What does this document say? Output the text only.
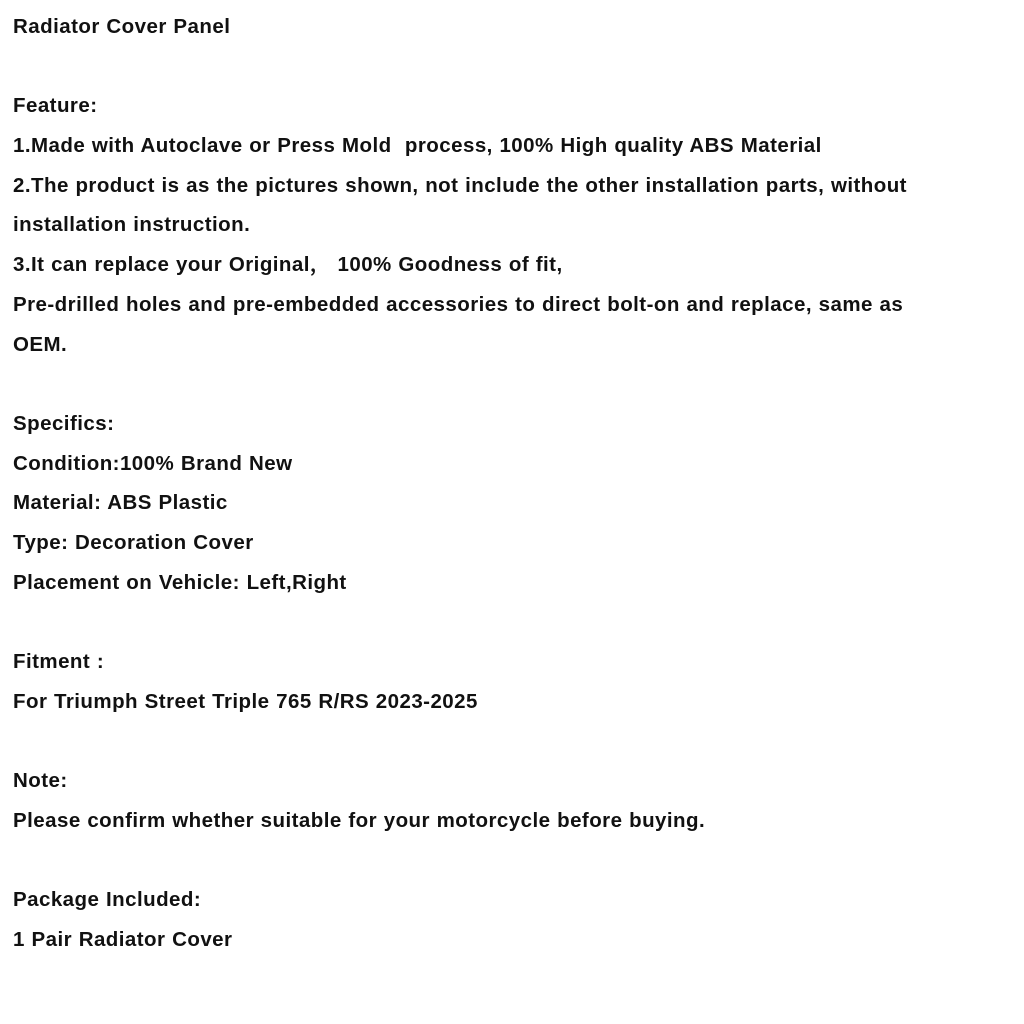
Radiator Cover Panel
Feature:
1.Made with Autoclave or Press Mold  process, 100% High quality ABS Material
2.The product is as the pictures shown, not include the other installation parts, without
installation instruction.
3.It can replace your Original， 100% Goodness of fit,
Pre-drilled holes and pre-embedded accessories to direct bolt-on and replace, same as
OEM.
Specifics:
Condition:100% Brand New
Material: ABS Plastic
Type: Decoration Cover
Placement on Vehicle: Left,Right
Fitment :
For Triumph Street Triple 765 R/RS 2023-2025
Note:
Please confirm whether suitable for your motorcycle before buying.
Package Included:
1 Pair Radiator Cover
